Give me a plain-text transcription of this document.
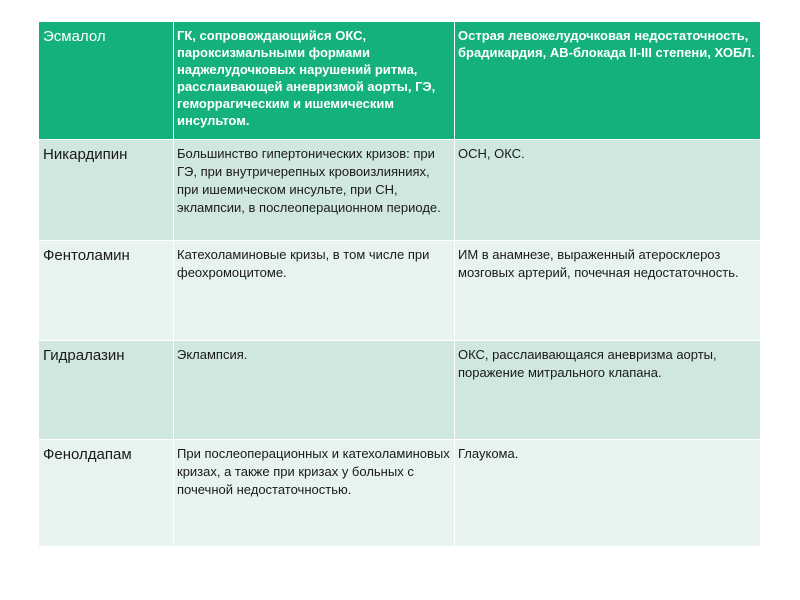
Эсмалол	ГК, сопровождающийся ОКС, пароксизмальными формами наджелудочковых нарушений ритма, расслаивающей аневризмой аорты, ГЭ, геморрагическим и ишемическим инсультом.	Острая левожелудочковая недостаточность, брадикардия, АВ-блокада II-III степени, ХОБЛ.
Никардипин	Большинство гипертонических кризов: при ГЭ, при внутричерепных кровоизлияниях, при ишемическом инсульте, при СН, эклампсии, в послеоперационном периоде.	ОСН, ОКС.
Фентоламин	Катехоламиновые кризы, в том числе при феохромоцитоме.	ИМ в анамнезе, выраженный атеросклероз мозговых артерий, почечная недостаточность.
Гидралазин	Эклампсия.	ОКС, расслаивающаяся аневризма аорты, поражение митрального клапана.
Фенолдапам	При послеоперационных и катехоламиновых кризах, а также при кризах у больных с почечной недостаточностью.	Глаукома.
